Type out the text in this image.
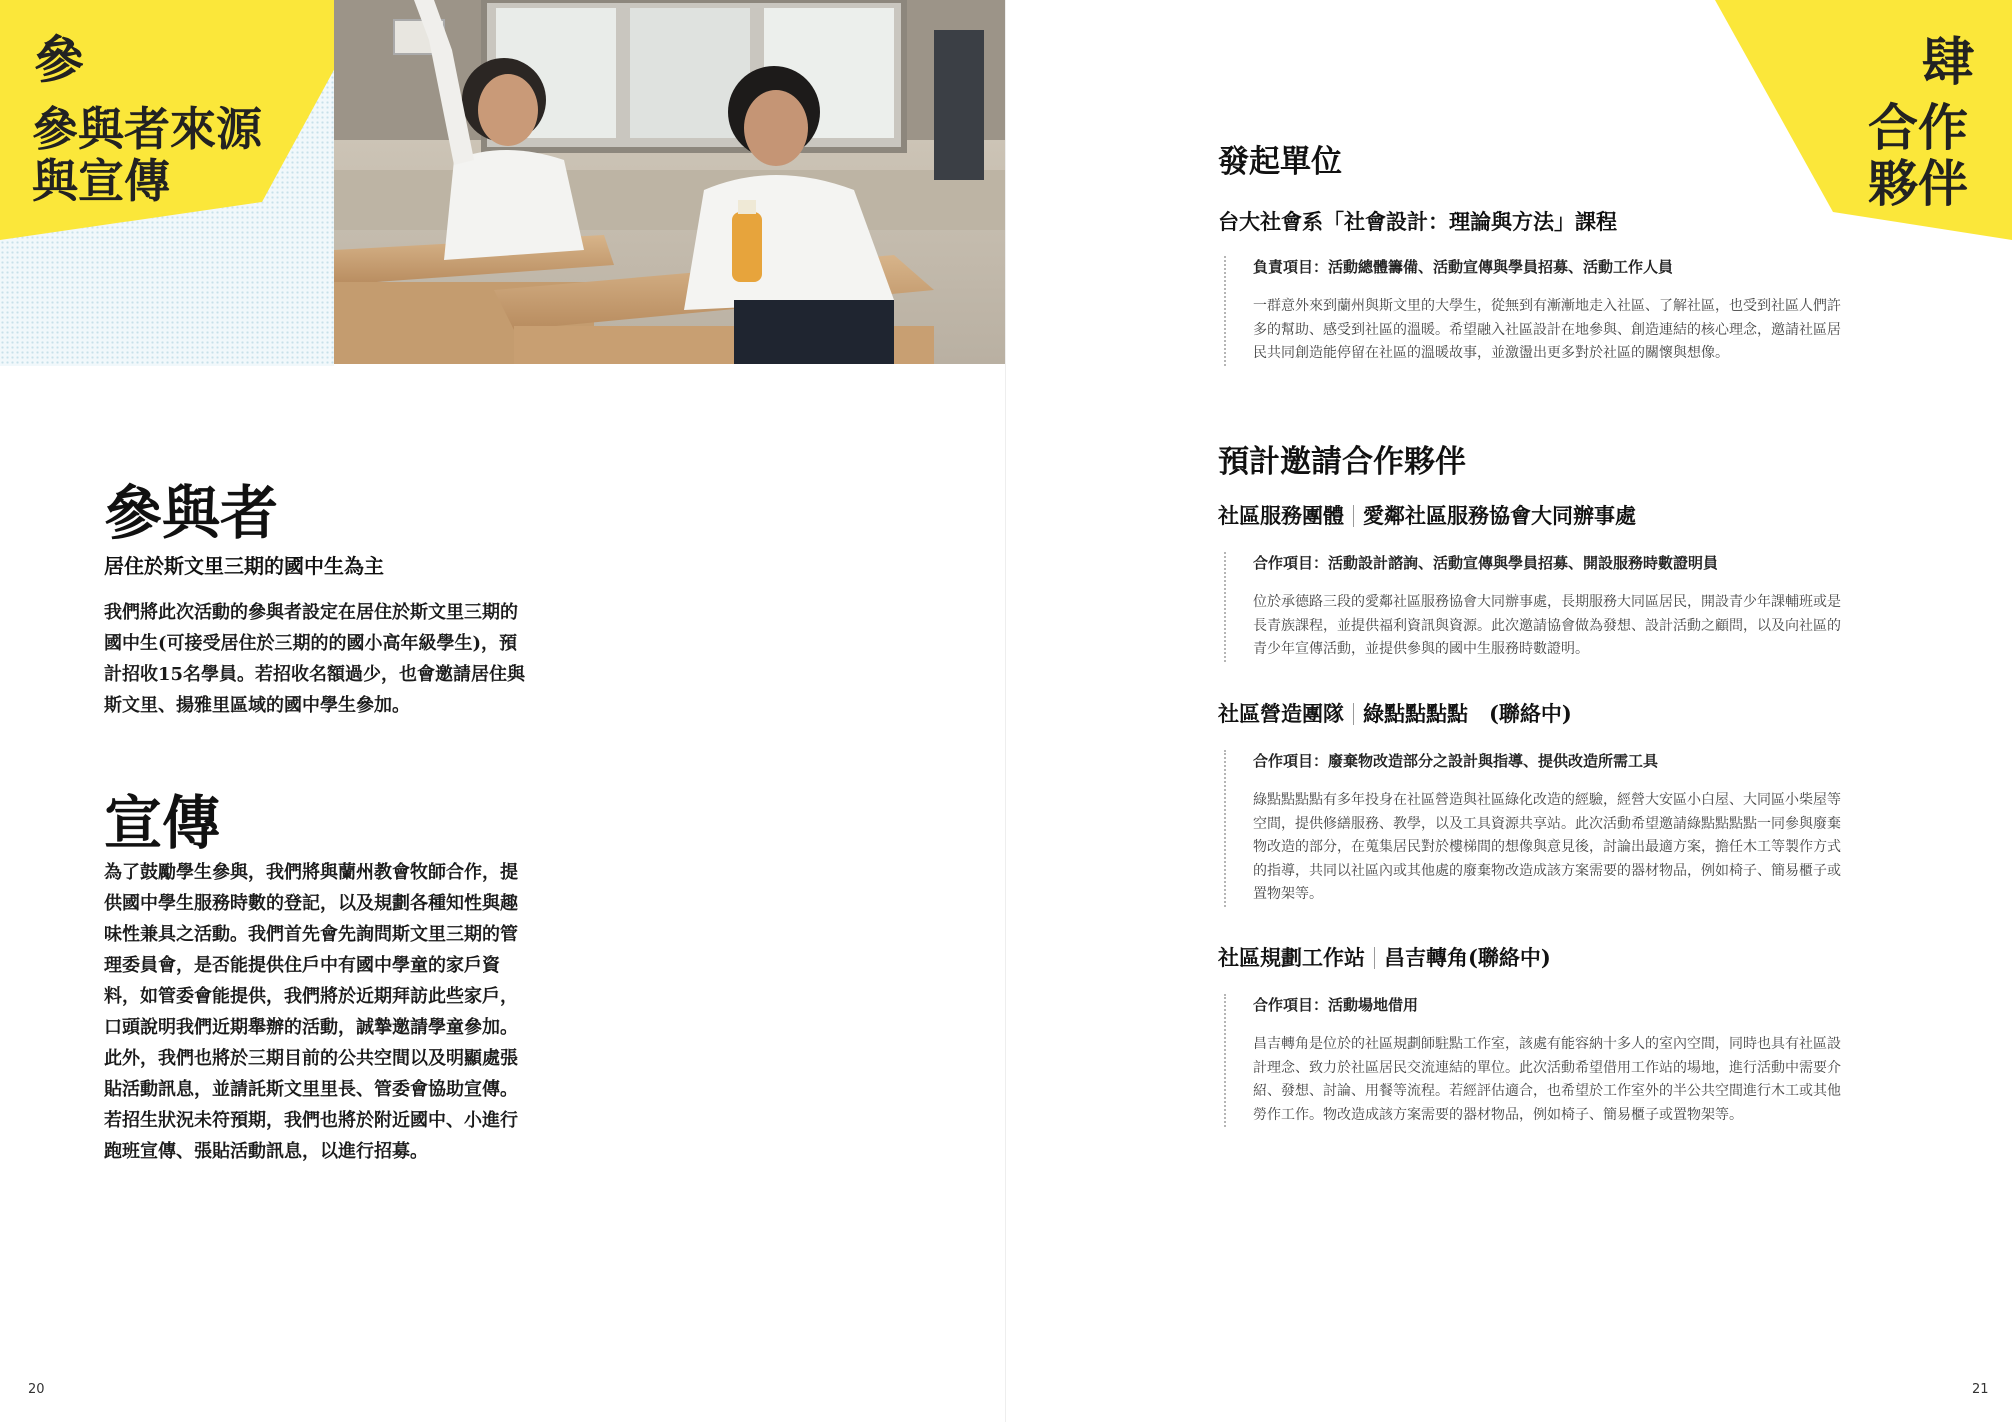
參
參與者來源
與宣傳
參與者
居住於斯文里三期的國中生為主

我們將此次活動的參與者設定在居住於斯文里三期的國中生(可接受居住於三期的的國小高年級學生)，預計招收15名學員。若招收名額過少，也會邀請居住與斯文里、揚雅里區域的國中學生參加。

宣傳

為了鼓勵學生參與，我們將與蘭州教會牧師合作，提供國中學生服務時數的登記，以及規劃各種知性與趣味性兼具之活動。我們首先會先詢問斯文里三期的管理委員會，是否能提供住戶中有國中學童的家戶資料，如管委會能提供，我們將於近期拜訪此些家戶，口頭說明我們近期舉辦的活動，誠摯邀請學童參加。此外，我們也將於三期目前的公共空間以及明顯處張貼活動訊息，並請託斯文里里長、管委會協助宣傳。若招生狀況未符預期，我們也將於附近國中、小進行跑班宣傳、張貼活動訊息，以進行招募。

20	21
肆
合作
夥伴
發起單位
台大社會系「社會設計：理論與方法」課程
負責項目：活動總體籌備、活動宣傳與學員招募、活動工作人員
一群意外來到蘭州與斯文里的大學生，從無到有漸漸地走入社區、了解社區，也受到社區人們許多的幫助、感受到社區的溫暖。希望融入社區設計在地參與、創造連結的核心理念，邀請社區居民共同創造能停留在社區的溫暖故事，並激盪出更多對於社區的關懷與想像。
預計邀請合作夥伴
社區服務團體 愛鄰社區服務協會大同辦事處
合作項目：活動設計諮詢、活動宣傳與學員招募、開設服務時數證明員
位於承德路三段的愛鄰社區服務協會大同辦事處，長期服務大同區居民，開設青少年課輔班或是長青族課程，並提供福利資訊與資源。此次邀請協會做為發想、設計活動之顧問，以及向社區的青少年宣傳活動，並提供參與的國中生服務時數證明。
社區營造團隊 綠點點點點　(聯絡中)
合作項目：廢棄物改造部分之設計與指導、提供改造所需工具
綠點點點點有多年投身在社區營造與社區綠化改造的經驗，經營大安區小白屋、大同區小柴屋等空間，提供修繕服務、教學，以及工具資源共享站。此次活動希望邀請綠點點點點一同參與廢棄物改造的部分，在蒐集居民對於樓梯間的想像與意見後，討論出最適方案，擔任木工等製作方式的指導，共同以社區內或其他處的廢棄物改造成該方案需要的器材物品，例如椅子、簡易櫃子或置物架等。
社區規劃工作站 昌吉轉角(聯絡中)
合作項目：活動場地借用
昌吉轉角是位於的社區規劃師駐點工作室，該處有能容納十多人的室內空間，同時也具有社區設計理念、致力於社區居民交流連結的單位。此次活動希望借用工作站的場地，進行活動中需要介紹、發想、討論、用餐等流程。若經評估適合，也希望於工作室外的半公共空間進行木工或其他勞作工作。物改造成該方案需要的器材物品，例如椅子、簡易櫃子或置物架等。
